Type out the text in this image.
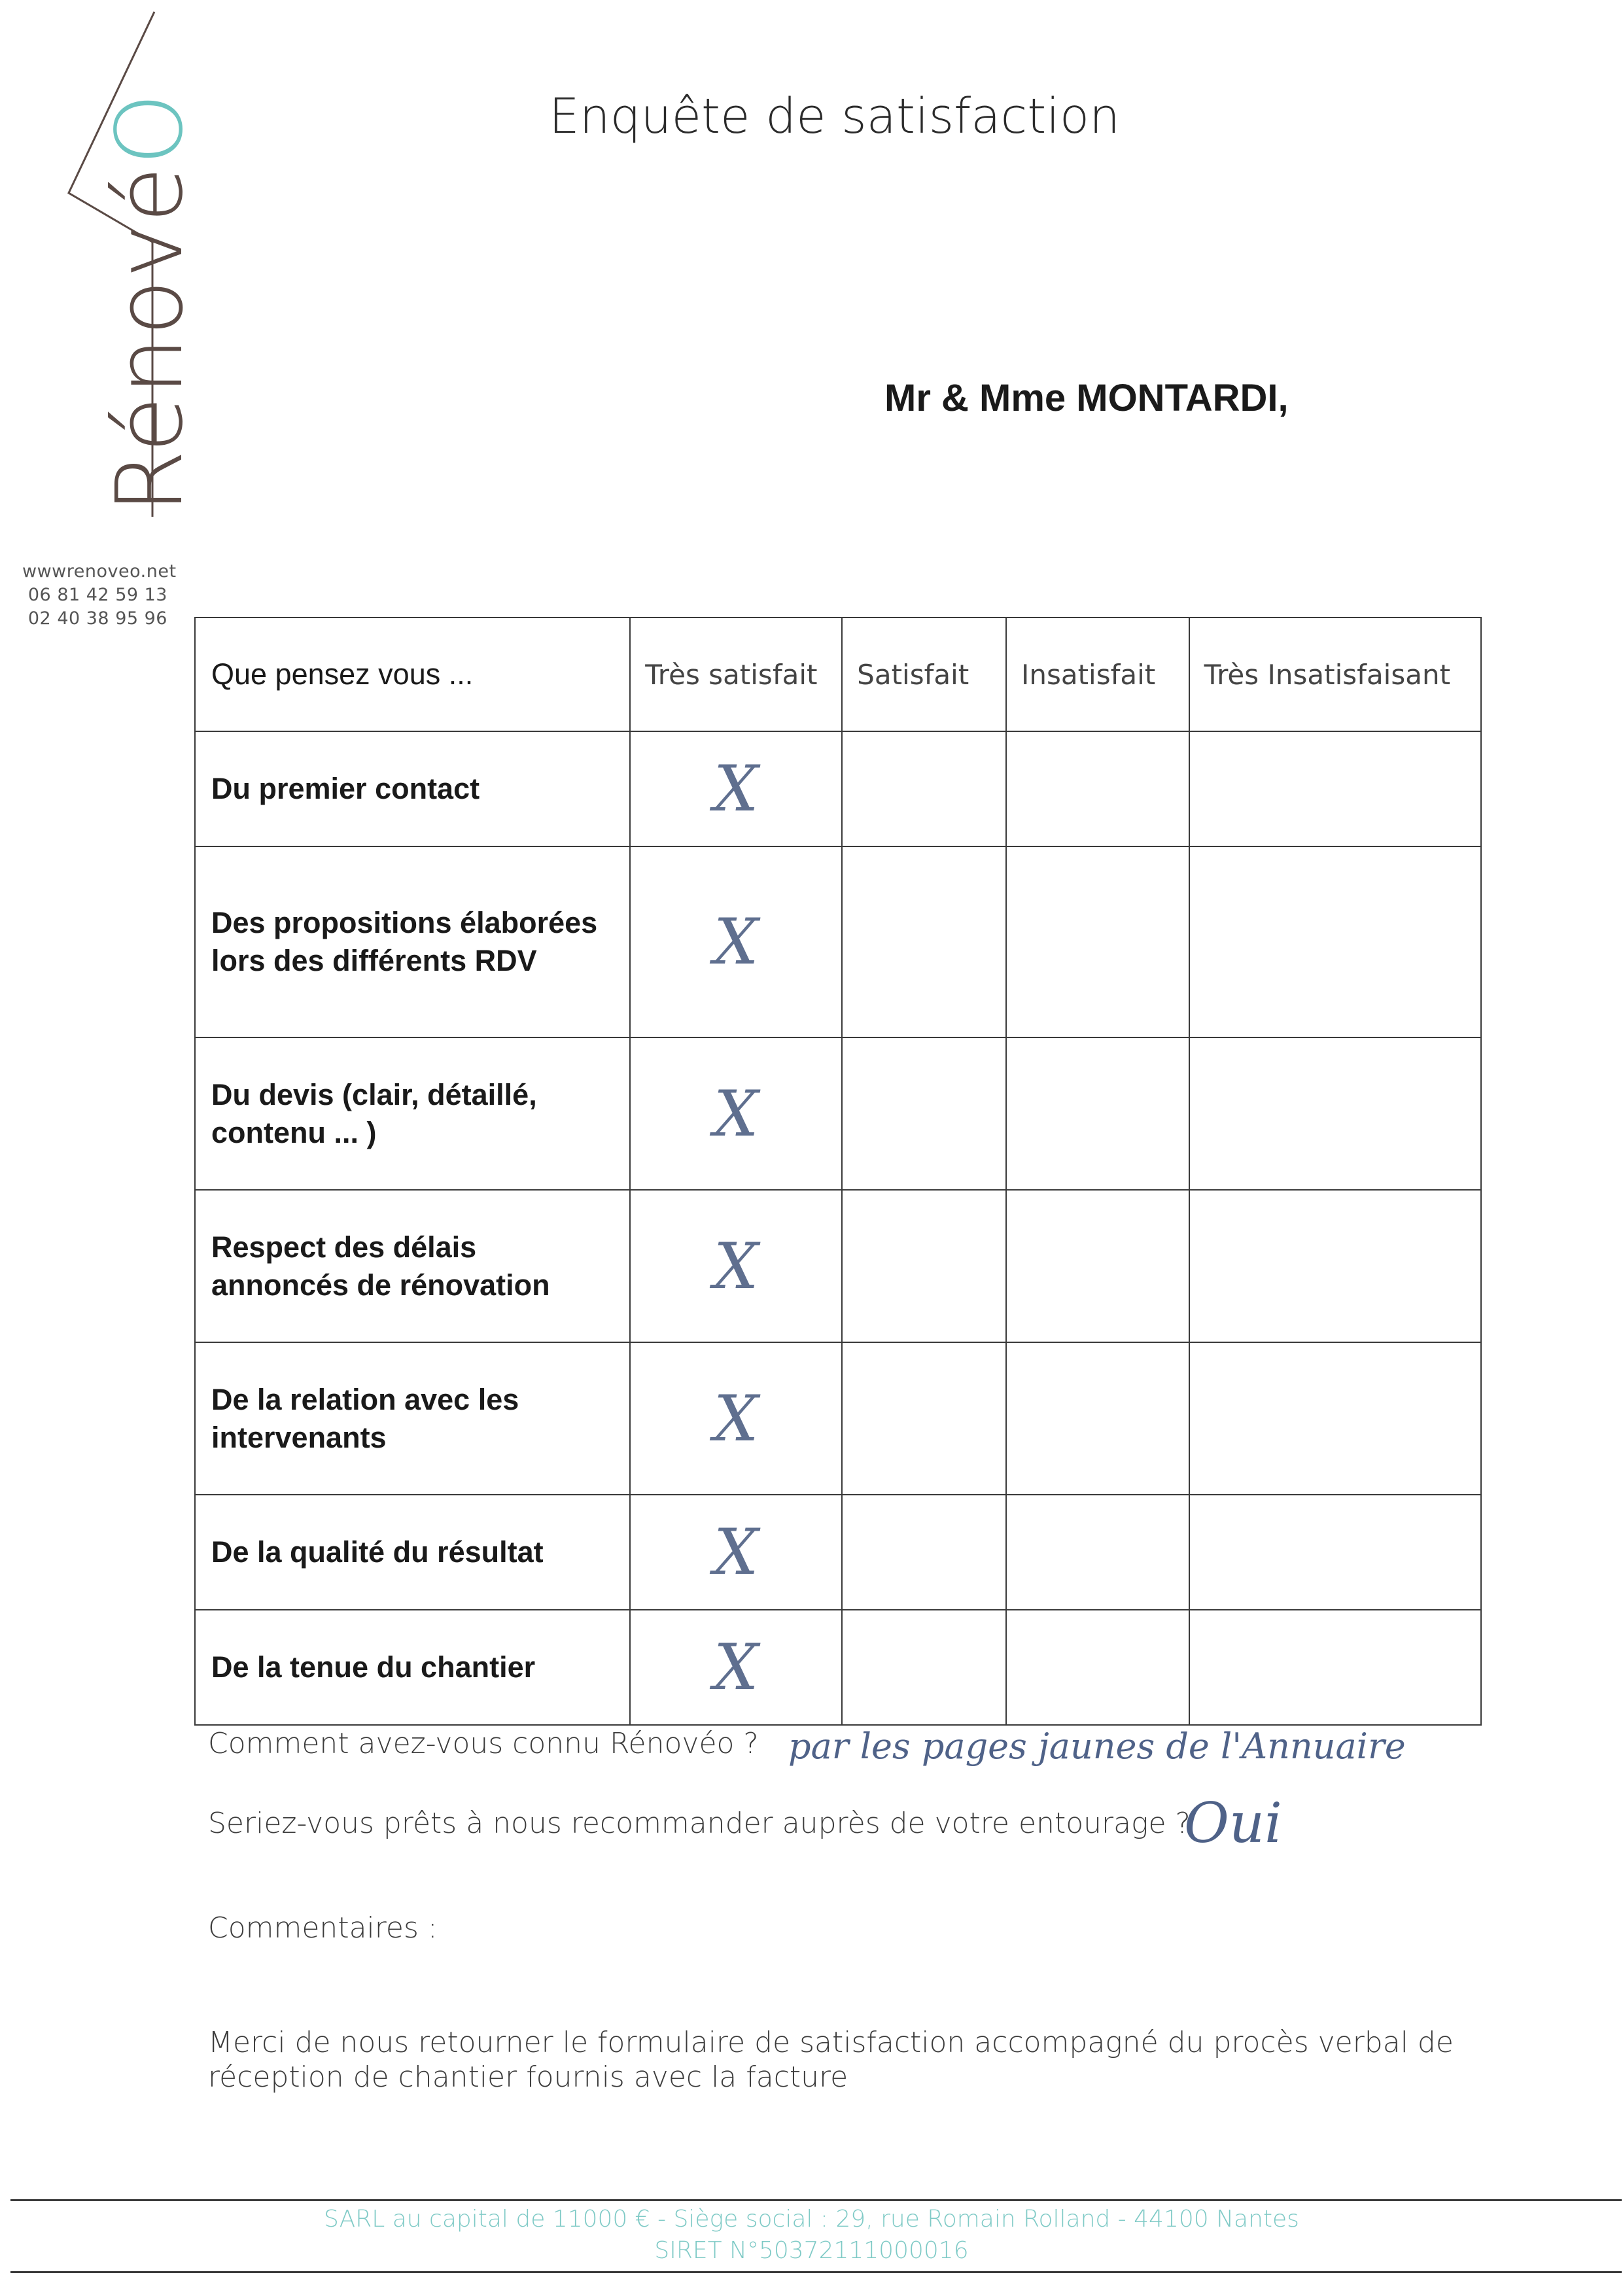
RénovéO
wwwrenoveo.net
06 81 42 59 13
02 40 38 95 96
Enquête de satisfaction
Mr & Mme MONTARDI,
Que pensez vous ...	Très satisfait	Satisfait	Insatisfait	Très Insatisfaisant
Du premier contact	X			
Des propositions élaborées lors des différents RDV	X			
Du devis (clair, détaillé, contenu ... )	X			
Respect des délais annoncés de rénovation	X			
De la relation avec les intervenants	X			
De la qualité du résultat	X			
De la tenue du chantier	X			
Comment avez-vous connu Rénovéo ? par les pages jaunes de l'Annuaire
Seriez-vous prêts à nous recommander auprès de votre entourage ?
Oui
Commentaires :
Merci de nous retourner le formulaire de satisfaction accompagné du procès verbal de
réception de chantier fournis avec la facture
SARL au capital de 11000 € - Siège social : 29, rue Romain Rolland - 44100 Nantes
SIRET N°50372111000016
